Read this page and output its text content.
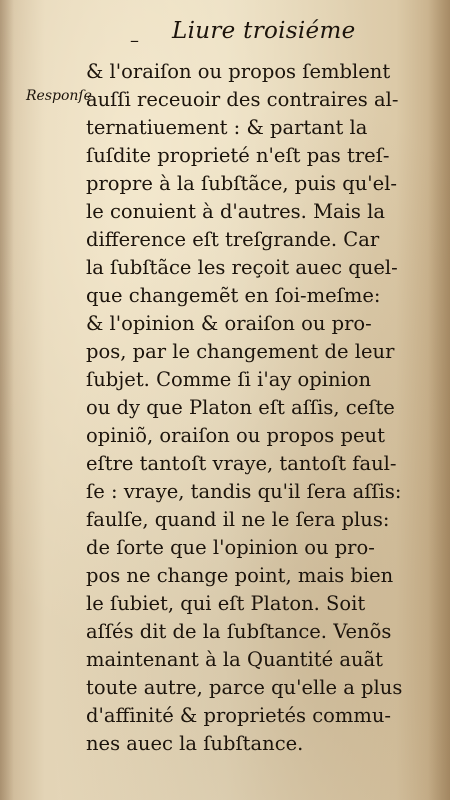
– Liure troisiéme
Responſe.
& l'oraiſon ou propos ſemblent
auſſi receuoir des contraires al-
ternatiuement : & partant la
ſuſdite proprieté n'eſt pas treſ-
propre à la ſubſtãce, puis qu'el-
le conuient à d'autres. Mais la
difference eſt treſgrande. Car
la ſubſtãce les reçoit auec quel-
que changemẽt en ſoi-meſme:
& l'opinion & oraiſon ou pro-
pos, par le changement de leur
ſubjet. Comme ſi i'ay opinion
ou dy que Platon eſt aſſis, ceſte
opiniõ, oraiſon ou propos peut
eſtre tantoſt vraye, tantoſt faul-
ſe : vraye, tandis qu'il ſera aſſis:
faulſe, quand il ne le ſera plus:
de ſorte que l'opinion ou pro-
pos ne change point, mais bien
le ſubiet, qui eſt Platon. Soit
aſſés dit de la ſubſtance. Venõs
maintenant à la Quantité auãt
toute autre, parce qu'elle a plus
d'affinité & proprietés commu-
nes auec la ſubſtance.
